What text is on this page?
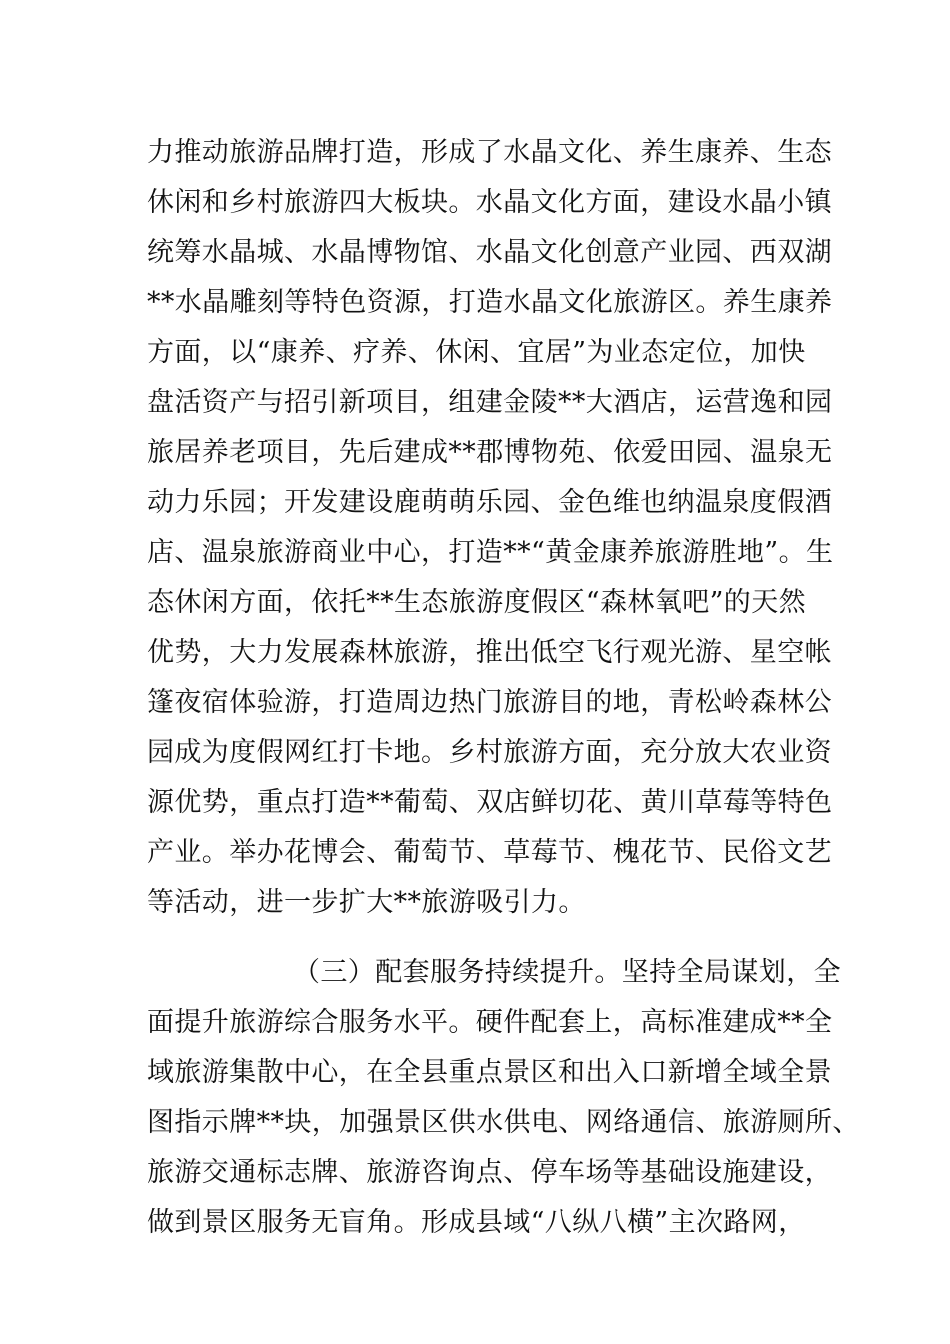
力推动旅游品牌打造，形成了水晶文化、养生康养、生态
休闲和乡村旅游四大板块。水晶文化方面，建设水晶小镇
统筹水晶城、水晶博物馆、水晶文化创意产业园、西双湖
**水晶雕刻等特色资源，打造水晶文化旅游区。养生康养
方面，以“康养、疗养、休闲、宜居”为业态定位，加快
盘活资产与招引新项目，组建金陵**大酒店，运营逸和园
旅居养老项目，先后建成**郡博物苑、依爱田园、温泉无
动力乐园；开发建设鹿萌萌乐园、金色维也纳温泉度假酒
店、温泉旅游商业中心，打造**“黄金康养旅游胜地”。生
态休闲方面，依托**生态旅游度假区“森林氧吧”的天然
优势，大力发展森林旅游，推出低空飞行观光游、星空帐
篷夜宿体验游，打造周边热门旅游目的地，青松岭森林公
园成为度假网红打卡地。乡村旅游方面，充分放大农业资
源优势，重点打造**葡萄、双店鲜切花、黄川草莓等特色
产业。举办花博会、葡萄节、草莓节、槐花节、民俗文艺
等活动，进一步扩大**旅游吸引力。
（三）配套服务持续提升。坚持全局谋划，全
面提升旅游综合服务水平。硬件配套上，高标准建成**全
域旅游集散中心，在全县重点景区和出入口新增全域全景
图指示牌**块，加强景区供水供电、网络通信、旅游厕所、
旅游交通标志牌、旅游咨询点、停车场等基础设施建设，
做到景区服务无盲角。形成县域“八纵八横”主次路网，
